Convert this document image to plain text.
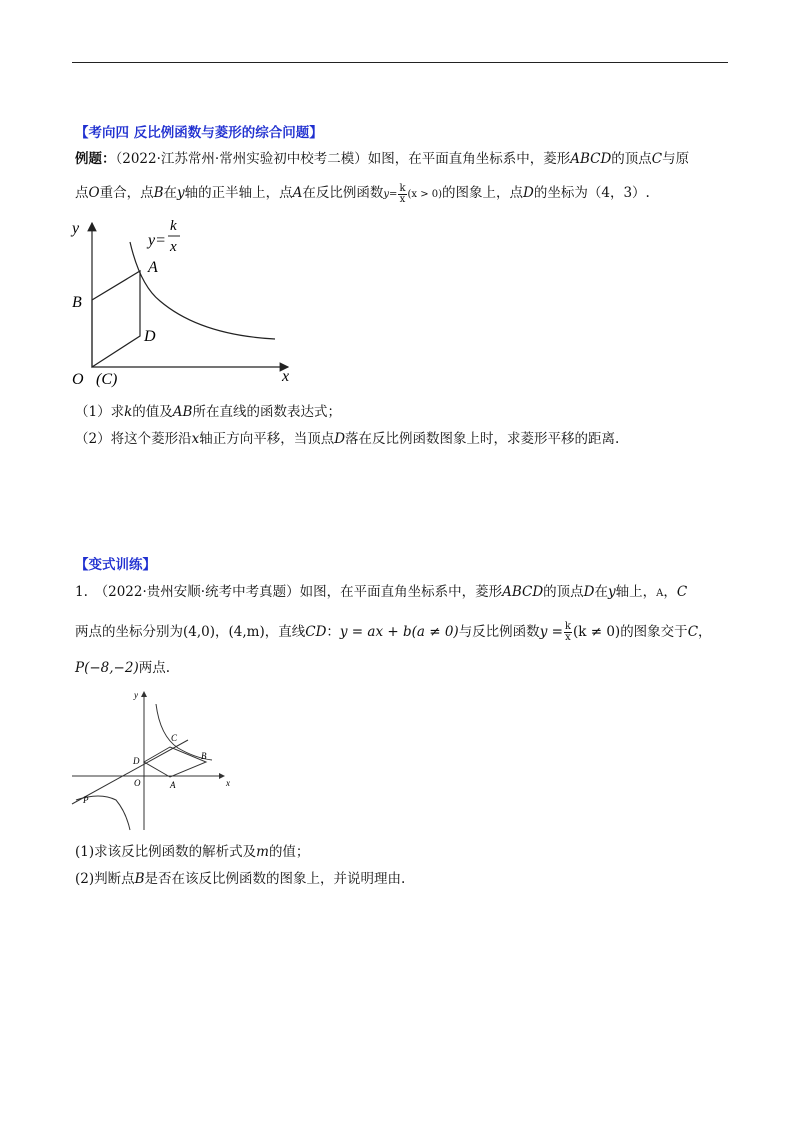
【考向四 反比例函数与菱形的综合问题】
例题：（2022·江苏常州·常州实验初中校考二模）如图，在平面直角坐标系中，菱形ABCD的顶点C与原
点O重合，点B在y轴的正半轴上，点A在反比例函数$y= \frac{k}{x} (x > 0)$的图象上，点D的坐标为（4，3）.
y
x
y=
k
x
A
B
D
O (C)
（1）求k的值及AB所在直线的函数表达式；
（2）将这个菱形沿x轴正方向平移，当顶点D落在反比例函数图象上时，求菱形平移的距离.
【变式训练】
1.　（2022·贵州安顺·统考中考真题）如图，在平面直角坐标系中，菱形ABCD的顶点D在y轴上，A，C
两点的坐标分别为(4,0)，(4,m)，直线CD：y = ax + b(a ≠ 0)与反比例函数$y = \frac{k}{x} (k \ne 0)$的图象交于C，
P(−8,−2)两点.
y
x
C
B
D
O	A
P
(1)求该反比例函数的解析式及m的值；
(2)判断点B是否在该反比例函数的图象上，并说明理由.
